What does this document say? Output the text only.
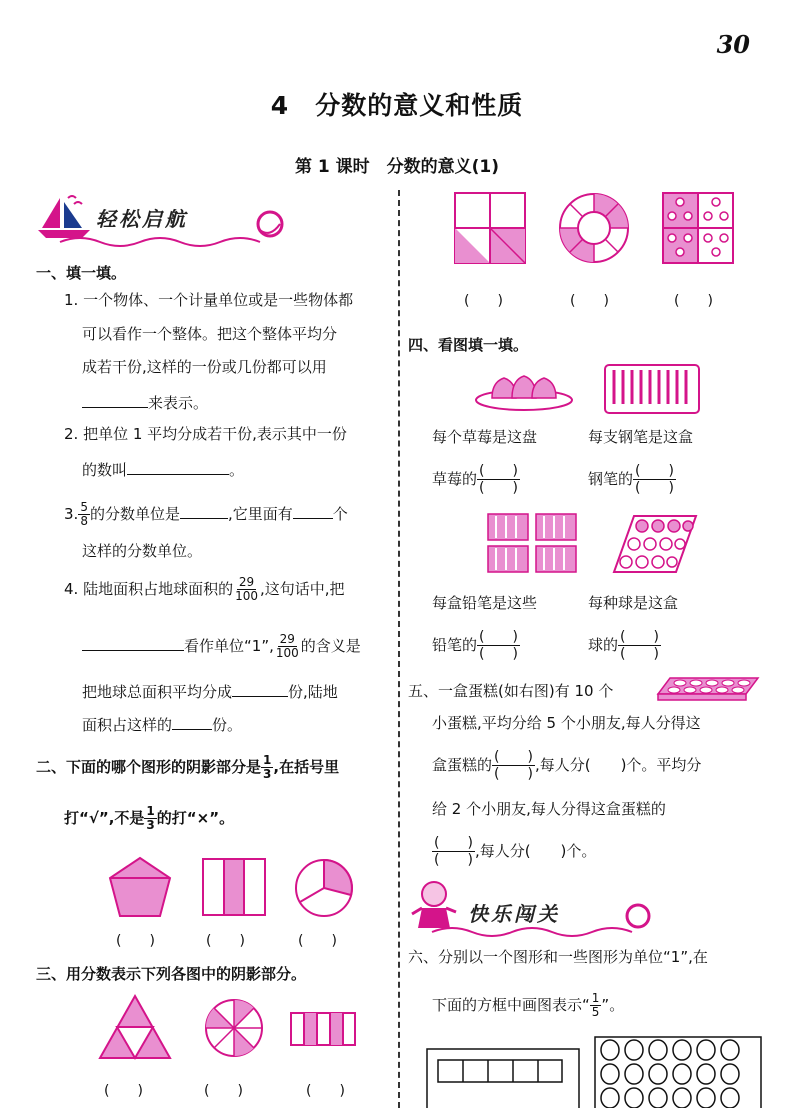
30
4　分数的意义和性质
第 1 课时　分数的意义(1)
轻松启航
一、填一填。
1. 一个物体、一个计量单位或是一些物体都
可以看作一个整体。把这个整体平均分
成若干份,这样的一份或几份都可以用
来表示。
2. 把单位 1 平均分成若干份,表示其中一份
的数叫	。
3. $\frac{5}{8}$ 的分数单位是	,它里面有	个
这样的分数单位。
4. 陆地面积占地球面积的 $\frac{29}{100}$ ,这句话中,把
看作单位“1”, $\frac{29}{100}$ 的含义是
把地球总面积平均分成	份,陆地
面积占这样的	份。
二、下面的哪个图形的阴影部分是 $\frac{1}{3}$ ,在括号里
打“√”,不是 $\frac{1}{3}$ 的打“×”。
(　　)	(　　)	(　　)
三、用分数表示下列各图中的阴影部分。
(　　)	(　　)	(　　)
(　　)	(　　)	(　　)
四、看图填一填。
每个草莓是这盘	每支钢笔是这盒
草莓的 (　　)
(　　)	钢笔的 (　　)
(　　)
每盒铅笔是这些	每种球是这盒
铅笔的 (　　)
(　　)	球的 (　　)
(　　)
五、一盒蛋糕(如右图)有 10 个
小蛋糕,平均分给 5 个小朋友,每人分得这
盒蛋糕的 (　　)
(　　) ,每人分(　　)个。平均分
给 2 个小朋友,每人分得这盒蛋糕的
(　　)
(　　) ,每人分(　　)个。
快乐闯关
六、分别以一个图形和一些图形为单位“1”,在
下面的方框中画图表示“ $\frac{1}{5}$ ”。
